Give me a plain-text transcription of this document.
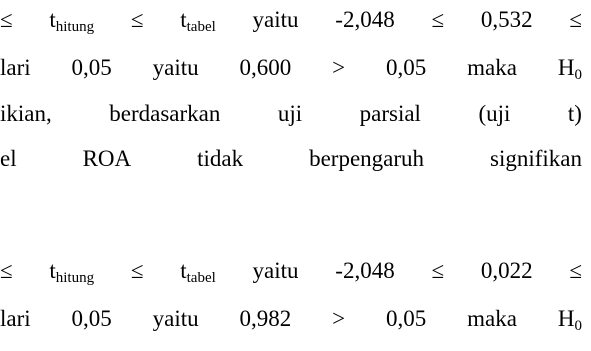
≤ $t_{hitung} \le t_{tabel}$ yaitu -2,048 ≤ 0,532 ≤
lari 0,05 yaitu 0,600 > 0,05 maka $H_0$
ikian,	berdasarkan	uji	parsial	(uji	t)
el	ROA	tidak	berpengaruh	signifikan
≤ $t_{hitung} \le t_{tabel}$ yaitu -2,048 ≤ 0,022 ≤
lari 0,05 yaitu 0,982 > 0,05 maka $H_0$
